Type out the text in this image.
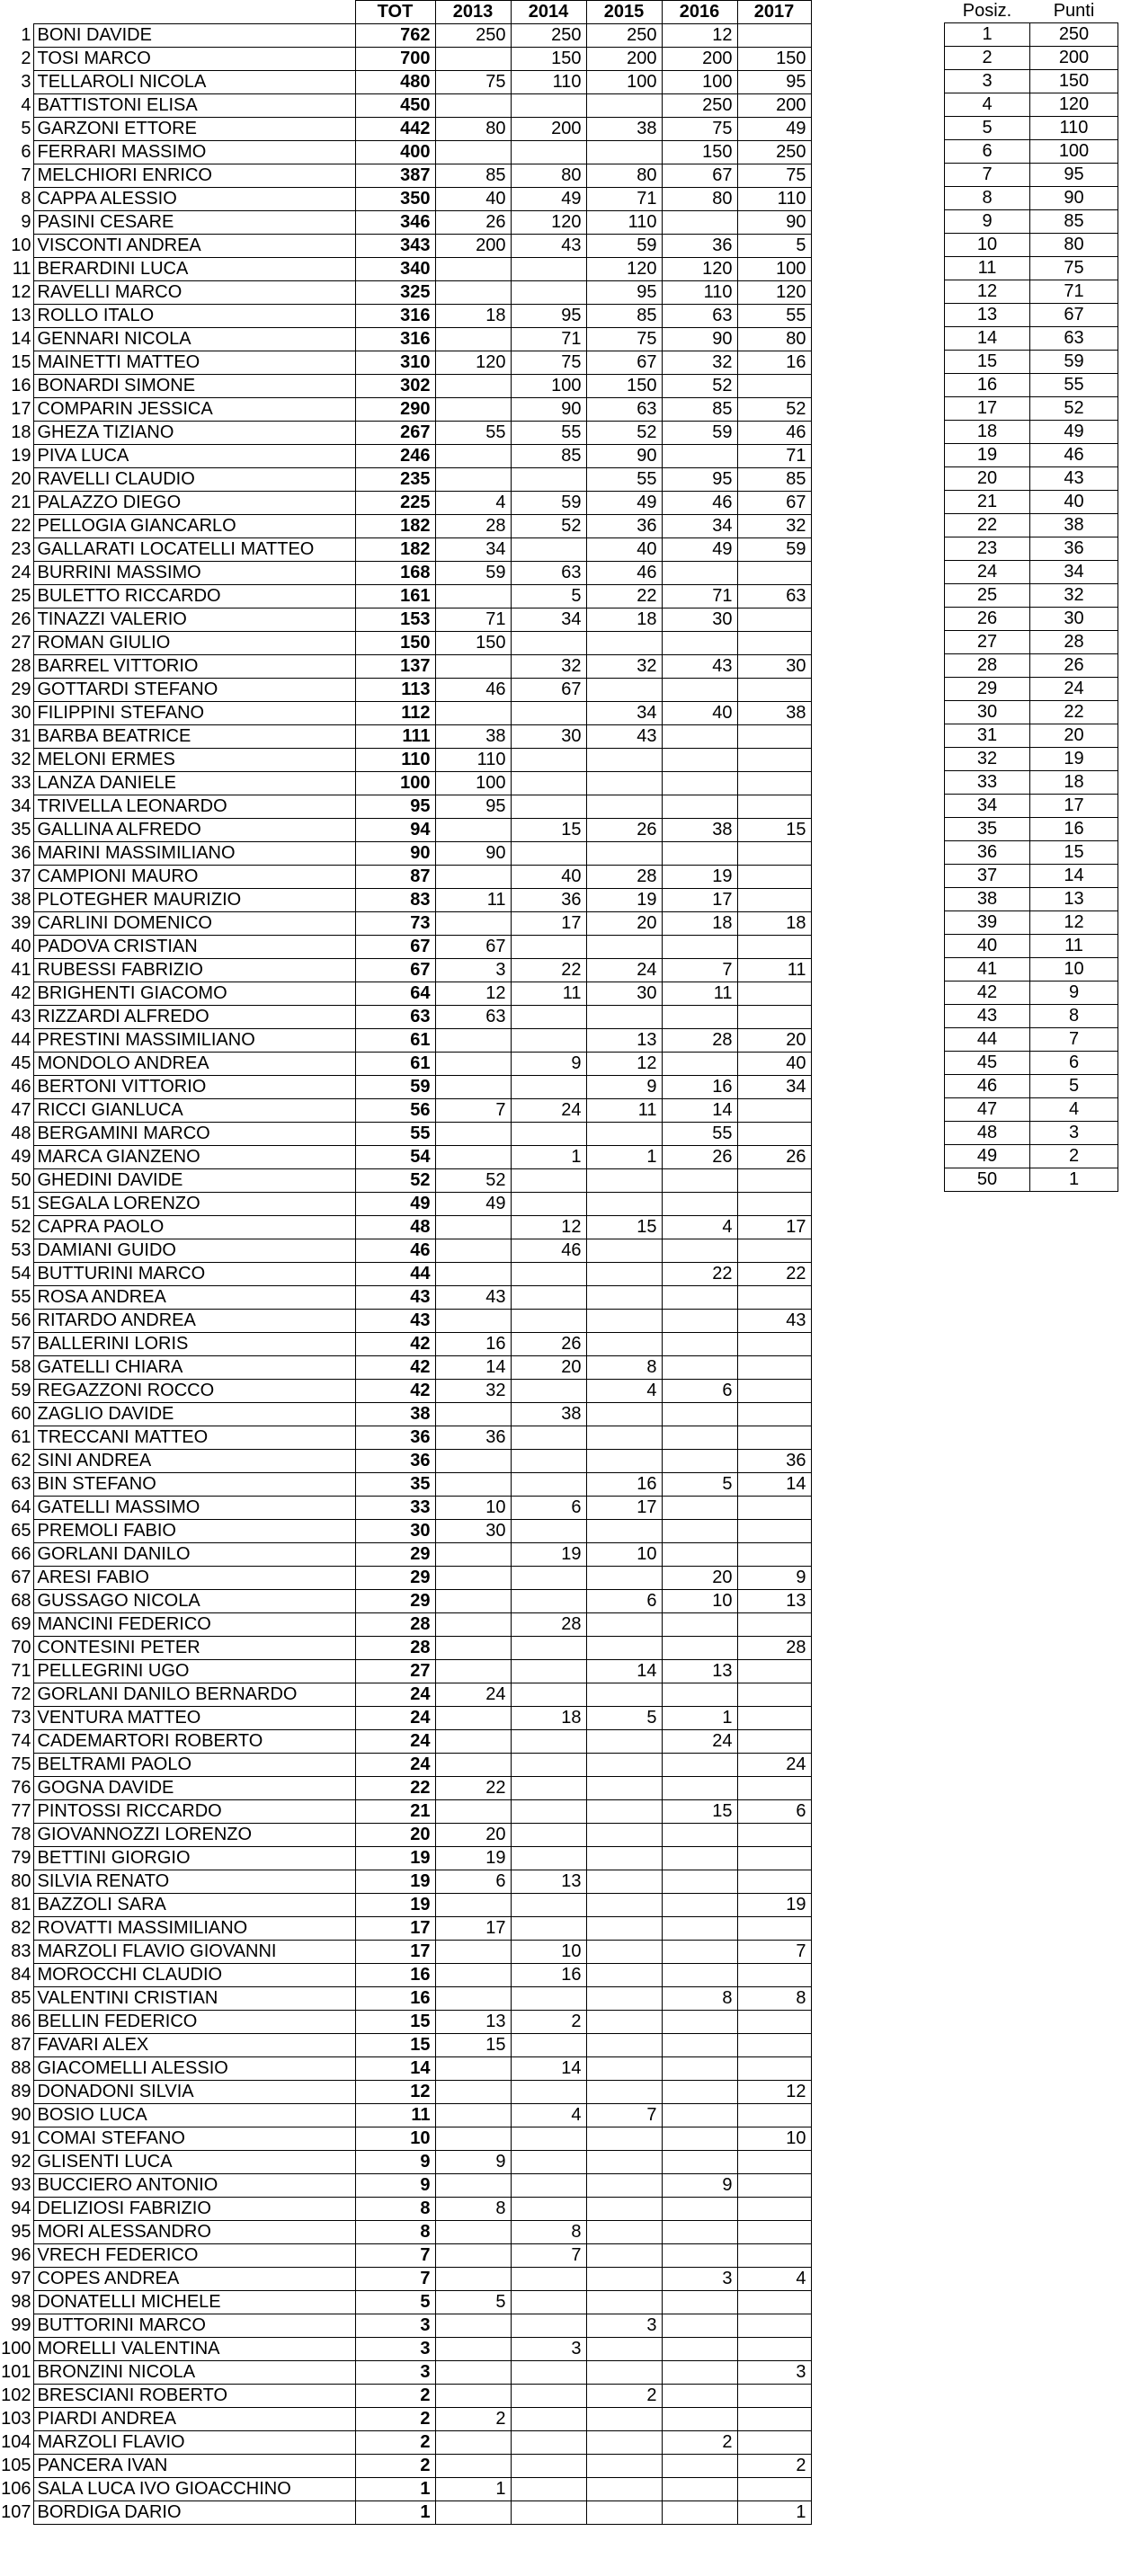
		TOT	2013	2014	2015	2016	2017
1	BONI DAVIDE	762	250	250	250	12	
2	TOSI MARCO	700		150	200	200	150
3	TELLAROLI NICOLA	480	75	110	100	100	95
4	BATTISTONI ELISA	450				250	200
5	GARZONI ETTORE	442	80	200	38	75	49
6	FERRARI MASSIMO	400				150	250
7	MELCHIORI ENRICO	387	85	80	80	67	75
8	CAPPA ALESSIO	350	40	49	71	80	110
9	PASINI CESARE	346	26	120	110		90
10	VISCONTI ANDREA	343	200	43	59	36	5
11	BERARDINI LUCA	340			120	120	100
12	RAVELLI MARCO	325			95	110	120
13	ROLLO ITALO	316	18	95	85	63	55
14	GENNARI NICOLA	316		71	75	90	80
15	MAINETTI MATTEO	310	120	75	67	32	16
16	BONARDI SIMONE	302		100	150	52	
17	COMPARIN JESSICA	290		90	63	85	52
18	GHEZA TIZIANO	267	55	55	52	59	46
19	PIVA LUCA	246		85	90		71
20	RAVELLI CLAUDIO	235			55	95	85
21	PALAZZO DIEGO	225	4	59	49	46	67
22	PELLOGIA GIANCARLO	182	28	52	36	34	32
23	GALLARATI LOCATELLI MATTEO	182	34		40	49	59
24	BURRINI MASSIMO	168	59	63	46		
25	BULETTO RICCARDO	161		5	22	71	63
26	TINAZZI VALERIO	153	71	34	18	30	
27	ROMAN GIULIO	150	150				
28	BARREL VITTORIO	137		32	32	43	30
29	GOTTARDI STEFANO	113	46	67			
30	FILIPPINI STEFANO	112			34	40	38
31	BARBA BEATRICE	111	38	30	43		
32	MELONI ERMES	110	110				
33	LANZA DANIELE	100	100				
34	TRIVELLA LEONARDO	95	95				
35	GALLINA ALFREDO	94		15	26	38	15
36	MARINI MASSIMILIANO	90	90				
37	CAMPIONI MAURO	87		40	28	19	
38	PLOTEGHER MAURIZIO	83	11	36	19	17	
39	CARLINI DOMENICO	73		17	20	18	18
40	PADOVA CRISTIAN	67	67				
41	RUBESSI FABRIZIO	67	3	22	24	7	11
42	BRIGHENTI GIACOMO	64	12	11	30	11	
43	RIZZARDI ALFREDO	63	63				
44	PRESTINI MASSIMILIANO	61			13	28	20
45	MONDOLO ANDREA	61		9	12		40
46	BERTONI VITTORIO	59			9	16	34
47	RICCI GIANLUCA	56	7	24	11	14	
48	BERGAMINI MARCO	55				55	
49	MARCA GIANZENO	54		1	1	26	26
50	GHEDINI DAVIDE	52	52				
51	SEGALA LORENZO	49	49				
52	CAPRA PAOLO	48		12	15	4	17
53	DAMIANI GUIDO	46		46			
54	BUTTURINI MARCO	44				22	22
55	ROSA ANDREA	43	43				
56	RITARDO ANDREA	43					43
57	BALLERINI LORIS	42	16	26			
58	GATELLI CHIARA	42	14	20	8		
59	REGAZZONI ROCCO	42	32		4	6	
60	ZAGLIO DAVIDE	38		38			
61	TRECCANI MATTEO	36	36				
62	SINI ANDREA	36					36
63	BIN STEFANO	35			16	5	14
64	GATELLI MASSIMO	33	10	6	17		
65	PREMOLI FABIO	30	30				
66	GORLANI DANILO	29		19	10		
67	ARESI FABIO	29				20	9
68	GUSSAGO NICOLA	29			6	10	13
69	MANCINI FEDERICO	28		28			
70	CONTESINI PETER	28					28
71	PELLEGRINI UGO	27			14	13	
72	GORLANI DANILO BERNARDO	24	24				
73	VENTURA MATTEO	24		18	5	1	
74	CADEMARTORI ROBERTO	24				24	
75	BELTRAMI PAOLO	24					24
76	GOGNA DAVIDE	22	22				
77	PINTOSSI RICCARDO	21				15	6
78	GIOVANNOZZI LORENZO	20	20				
79	BETTINI GIORGIO	19	19				
80	SILVIA RENATO	19	6	13			
81	BAZZOLI SARA	19					19
82	ROVATTI MASSIMILIANO	17	17				
83	MARZOLI FLAVIO GIOVANNI	17		10			7
84	MOROCCHI CLAUDIO	16		16			
85	VALENTINI CRISTIAN	16				8	8
86	BELLIN FEDERICO	15	13	2			
87	FAVARI ALEX	15	15				
88	GIACOMELLI ALESSIO	14		14			
89	DONADONI SILVIA	12					12
90	BOSIO LUCA	11		4	7		
91	COMAI STEFANO	10					10
92	GLISENTI LUCA	9	9				
93	BUCCIERO ANTONIO	9				9	
94	DELIZIOSI FABRIZIO	8	8				
95	MORI ALESSANDRO	8		8			
96	VRECH FEDERICO	7		7			
97	COPES ANDREA	7				3	4
98	DONATELLI MICHELE	5	5				
99	BUTTORINI MARCO	3			3		
100	MORELLI VALENTINA	3		3			
101	BRONZINI NICOLA	3					3
102	BRESCIANI ROBERTO	2			2		
103	PIARDI ANDREA	2	2				
104	MARZOLI FLAVIO	2				2	
105	PANCERA IVAN	2					2
106	SALA LUCA IVO GIOACCHINO	1	1				
107	BORDIGA DARIO	1					1
Posiz.	Punti
1	250
2	200
3	150
4	120
5	110
6	100
7	95
8	90
9	85
10	80
11	75
12	71
13	67
14	63
15	59
16	55
17	52
18	49
19	46
20	43
21	40
22	38
23	36
24	34
25	32
26	30
27	28
28	26
29	24
30	22
31	20
32	19
33	18
34	17
35	16
36	15
37	14
38	13
39	12
40	11
41	10
42	9
43	8
44	7
45	6
46	5
47	4
48	3
49	2
50	1
